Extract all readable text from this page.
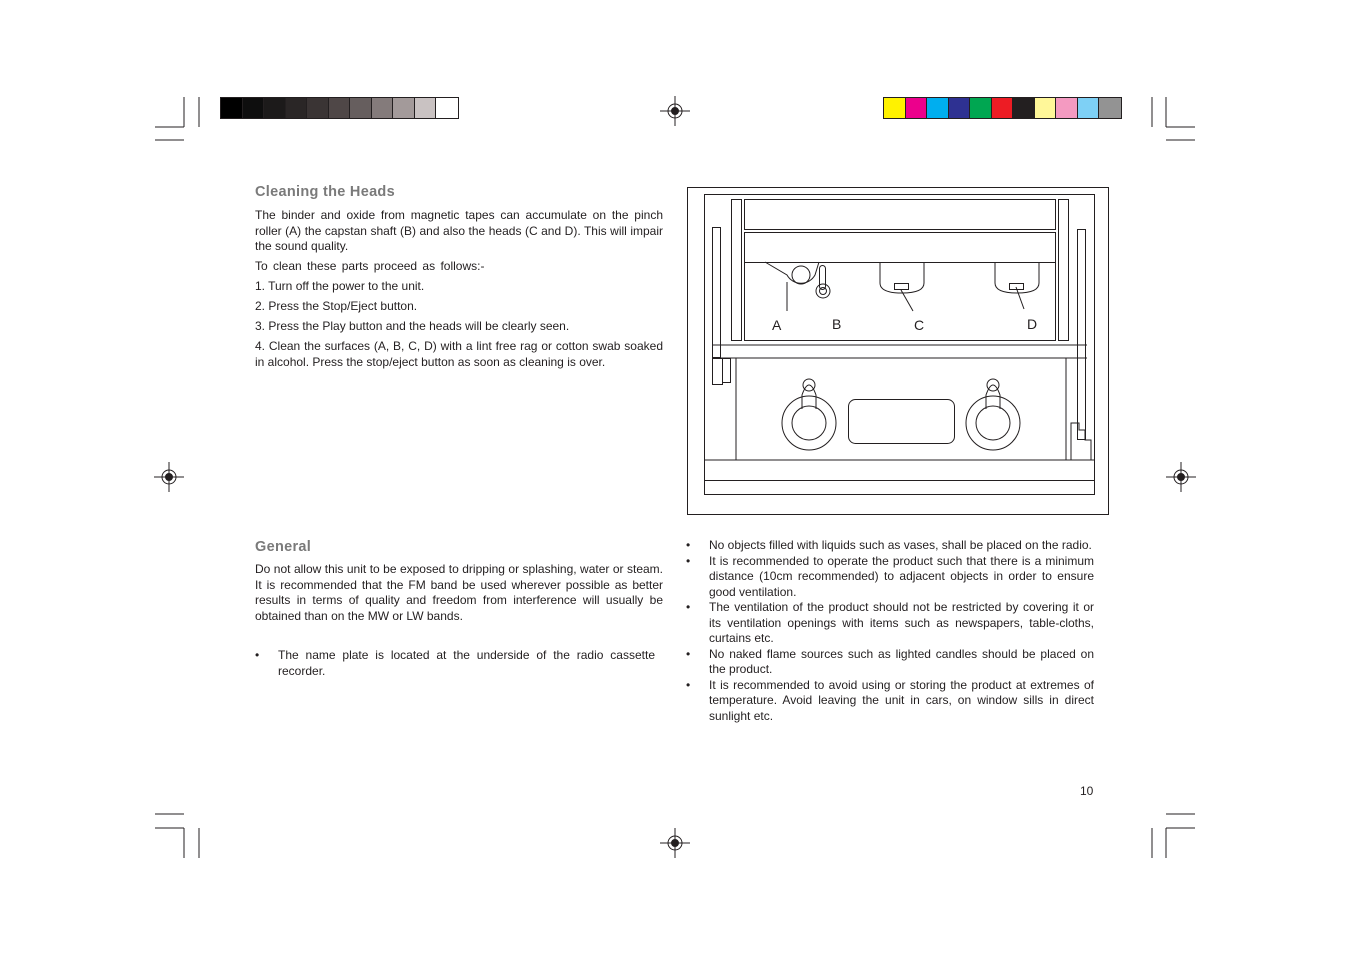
Cleaning the Heads

The binder and oxide from magnetic tapes can accumulate on the pinch roller (A) the capstan shaft (B) and also the heads (C and D). This will impair the sound quality.

To clean these parts proceed as follows:-

1. Turn off the power to the unit.

2. Press the Stop/Eject button.

3. Press the Play button and the heads will be clearly seen.

4. Clean the surfaces (A, B, C, D) with a lint free rag or cotton swab soaked in alcohol. Press the stop/eject button as soon as cleaning is over.

A	B	C	D
General

Do not allow this unit to be exposed to dripping or splashing, water or steam. It is recommended that the FM band be used wherever possible as better results in terms of quality and freedom from interference will usually be obtained than on the MW or LW bands.

• The name plate is located at the underside of the radio cassette recorder.
• No objects filled with liquids such as vases, shall be placed on the radio.
• It is recommended to operate the product such that there is a minimum distance (10cm recommended) to adjacent objects in order to ensure good ventilation.
• The ventilation of the product should not be restricted by covering it or its ventilation openings with items such as newspapers, table-cloths, curtains etc.
• No naked flame sources such as lighted candles should be placed on the product.
• It is recommended to avoid using or storing the product at extremes of temperature. Avoid leaving the unit in cars, on window sills in direct sunlight etc.
10
